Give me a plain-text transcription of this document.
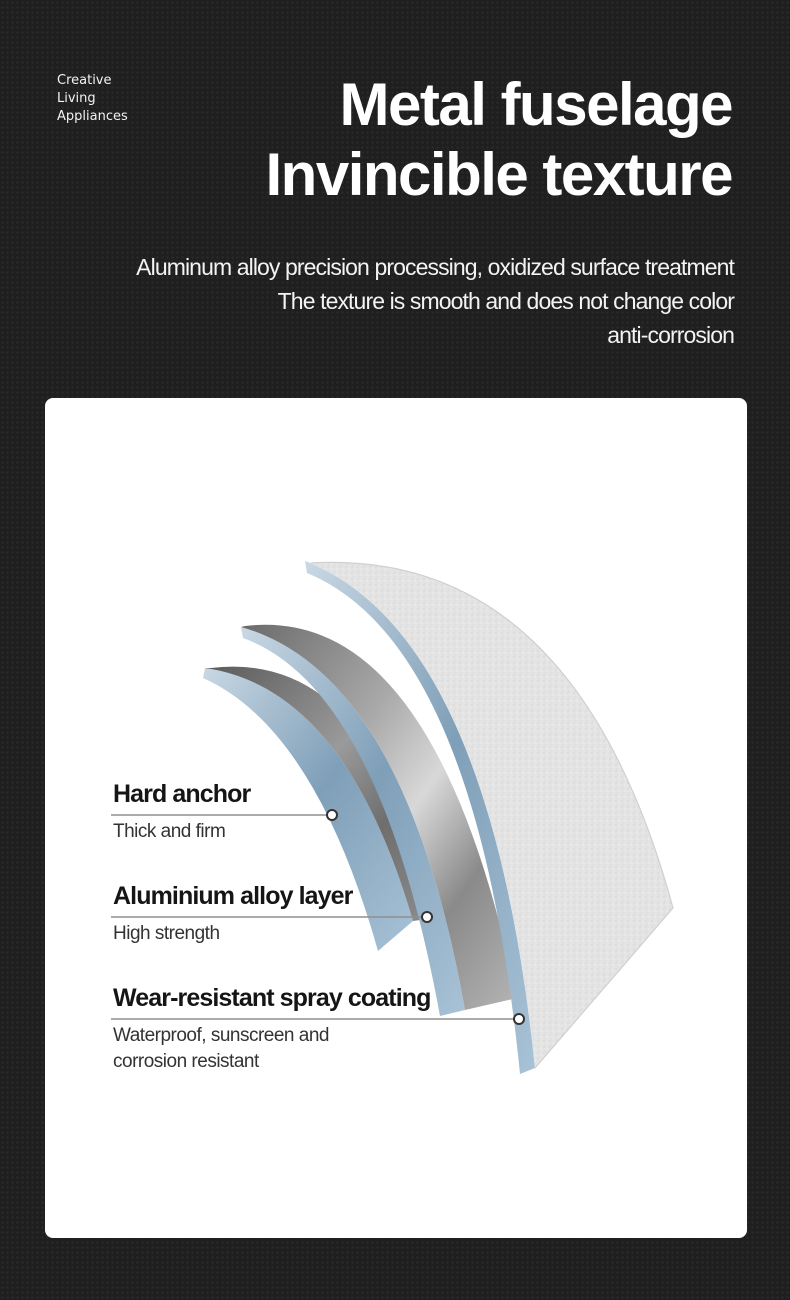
Creative
Living
Appliances	Metal fuselage
Invincible texture
Aluminum alloy precision processing, oxidized surface treatment
The texture is smooth and does not change color
anti-corrosion
Hard anchor
Thick and firm
Aluminium alloy layer
High strength
Wear-resistant spray coating
Waterproof, sunscreen and
corrosion resistant
